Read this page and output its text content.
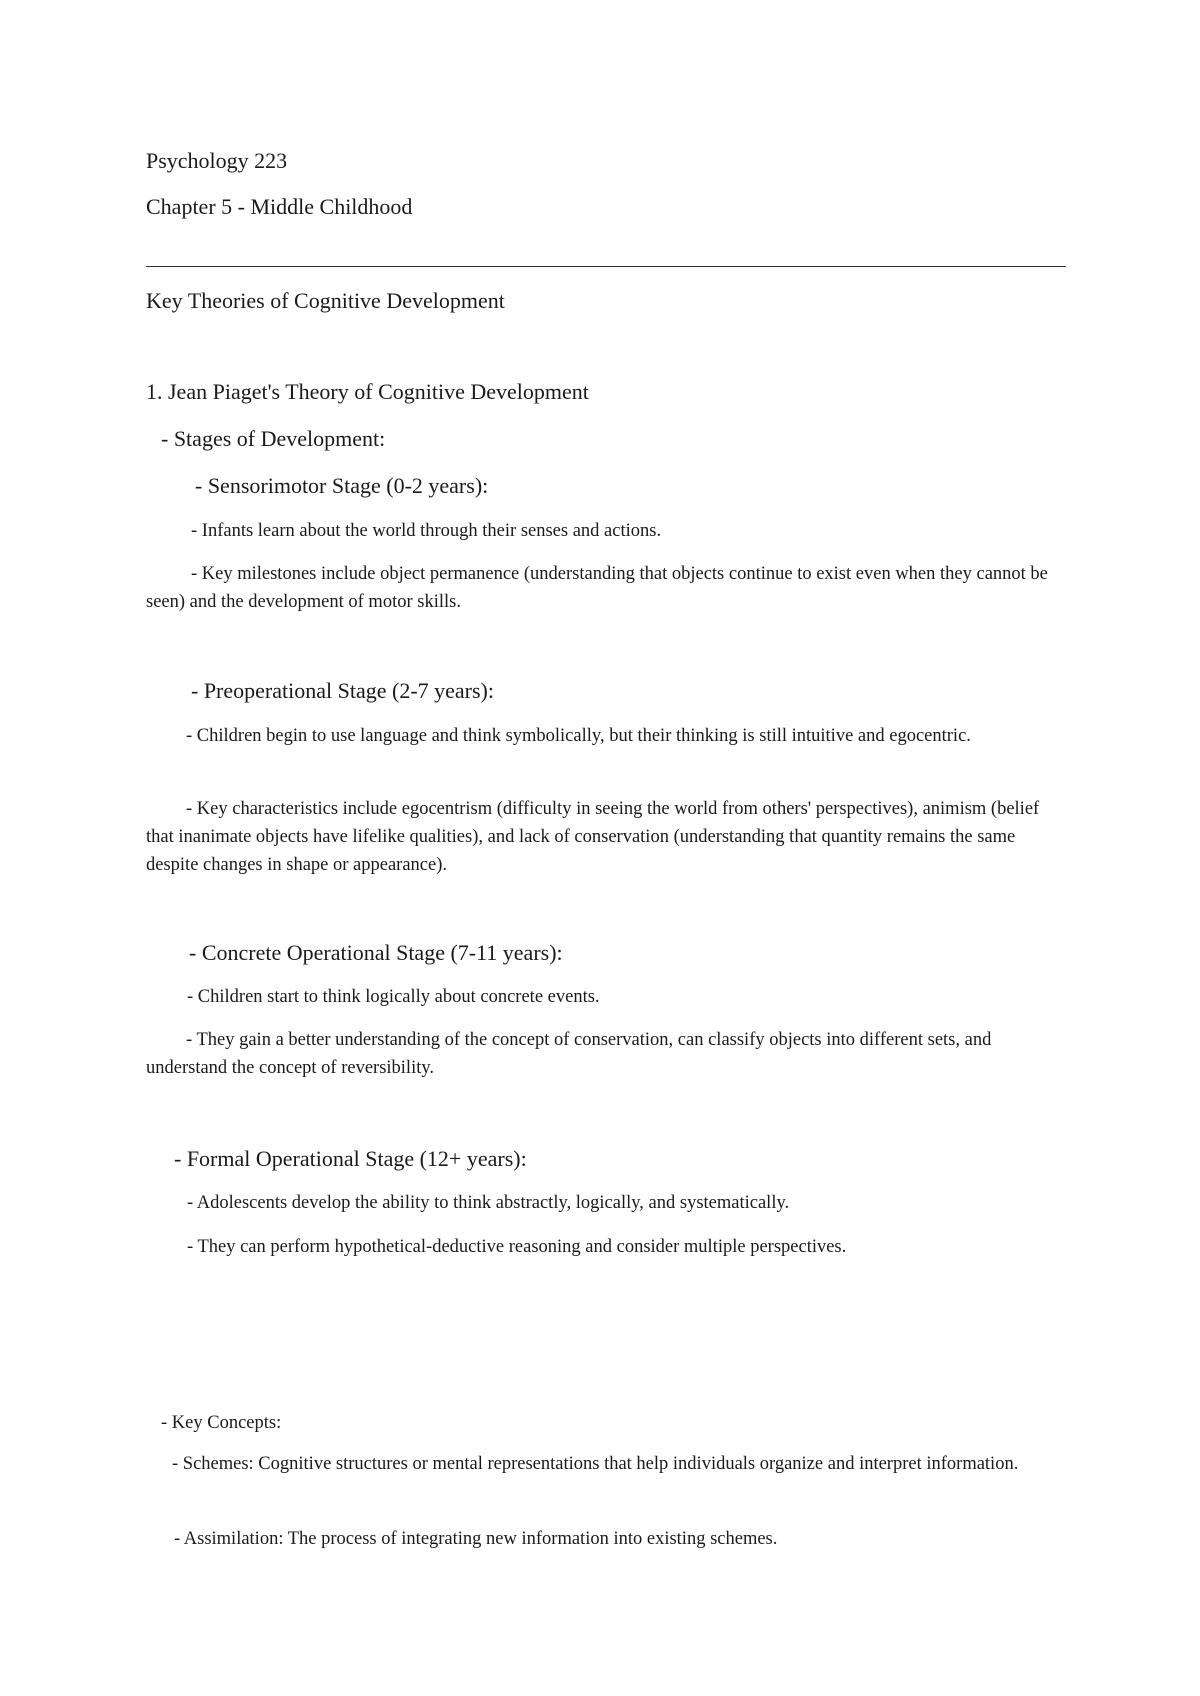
Psychology 223

Chapter 5 - Middle Childhood

Key Theories of Cognitive Development

1. Jean Piaget's Theory of Cognitive Development

- Stages of Development:

- Sensorimotor Stage (0-2 years):

- Infants learn about the world through their senses and actions.

- Key milestones include object permanence (understanding that objects continue to exist even when they cannot be seen) and the development of motor skills.

- Preoperational Stage (2-7 years):

- Children begin to use language and think symbolically, but their thinking is still intuitive and egocentric.

- Key characteristics include egocentrism (difficulty in seeing the world from others' perspectives), animism (belief that inanimate objects have lifelike qualities), and lack of conservation (understanding that quantity remains the same despite changes in shape or appearance).

- Concrete Operational Stage (7-11 years):

- Children start to think logically about concrete events.

- They gain a better understanding of the concept of conservation, can classify objects into different sets, and understand the concept of reversibility.

- Formal Operational Stage (12+ years):

- Adolescents develop the ability to think abstractly, logically, and systematically.

- They can perform hypothetical-deductive reasoning and consider multiple perspectives.

- Key Concepts:

- Schemes: Cognitive structures or mental representations that help individuals organize and interpret information.

- Assimilation: The process of integrating new information into existing schemes.
